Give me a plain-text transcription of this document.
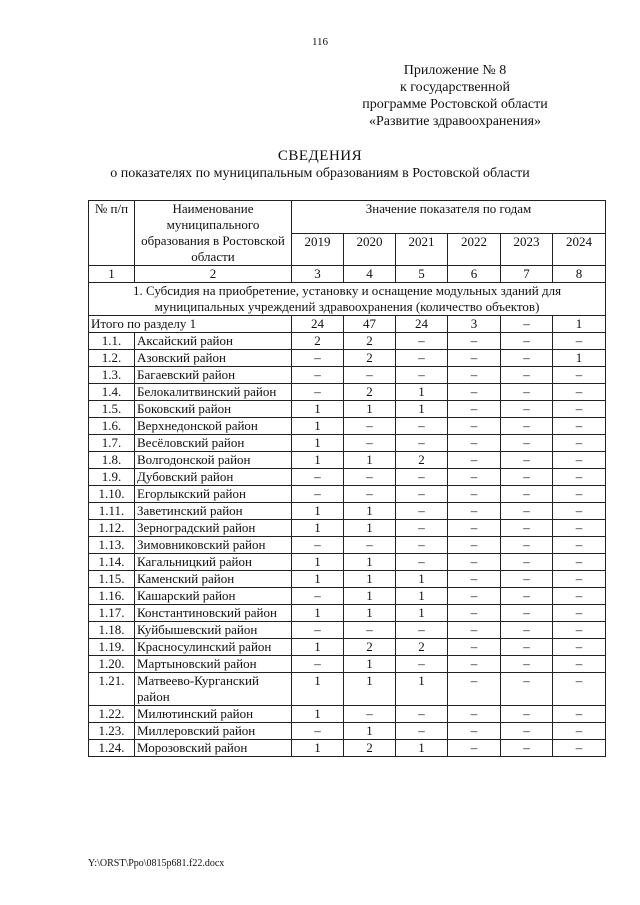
116
Приложение № 8
к государственной
программе Ростовской области
«Развитие здравоохранения»
СВЕДЕНИЯ
о показателях по муниципальным образованиям в Ростовской области
№ п/п	Наименование муниципального образования в Ростовской области	Значение показателя по годам					
		2019	2020	2021	2022	2023	2024
1	2	3	4	5	6	7	8
1. Субсидия на приобретение, установку и оснащение модульных зданий для муниципальных учреждений здравоохранения (количество объектов)							
Итого по разделу 1		24	47	24	3	–	1
1.1.	Аксайский район	2	2	–	–	–	–
1.2.	Азовский район	–	2	–	–	–	1
1.3.	Багаевский район	–	–	–	–	–	–
1.4.	Белокалитвинский район	–	2	1	–	–	–
1.5.	Боковский район	1	1	1	–	–	–
1.6.	Верхнедонской район	1	–	–	–	–	–
1.7.	Весёловский район	1	–	–	–	–	–
1.8.	Волгодонской район	1	1	2	–	–	–
1.9.	Дубовский район	–	–	–	–	–	–
1.10.	Егорлыкский район	–	–	–	–	–	–
1.11.	Заветинский район	1	1	–	–	–	–
1.12.	Зерноградский район	1	1	–	–	–	–
1.13.	Зимовниковский район	–	–	–	–	–	–
1.14.	Кагальницкий район	1	1	–	–	–	–
1.15.	Каменский район	1	1	1	–	–	–
1.16.	Кашарский район	–	1	1	–	–	–
1.17.	Константиновский район	1	1	1	–	–	–
1.18.	Куйбышевский район	–	–	–	–	–	–
1.19.	Красносулинский район	1	2	2	–	–	–
1.20.	Мартыновский район	–	1	–	–	–	–
1.21.	Матвеево-Курганский район	1	1	1	–	–	–
1.22.	Милютинский район	1	–	–	–	–	–
1.23.	Миллеровский район	–	1	–	–	–	–
1.24.	Морозовский район	1	2	1	–	–	–
Y:\ORST\Ppo\0815p681.f22.docx
